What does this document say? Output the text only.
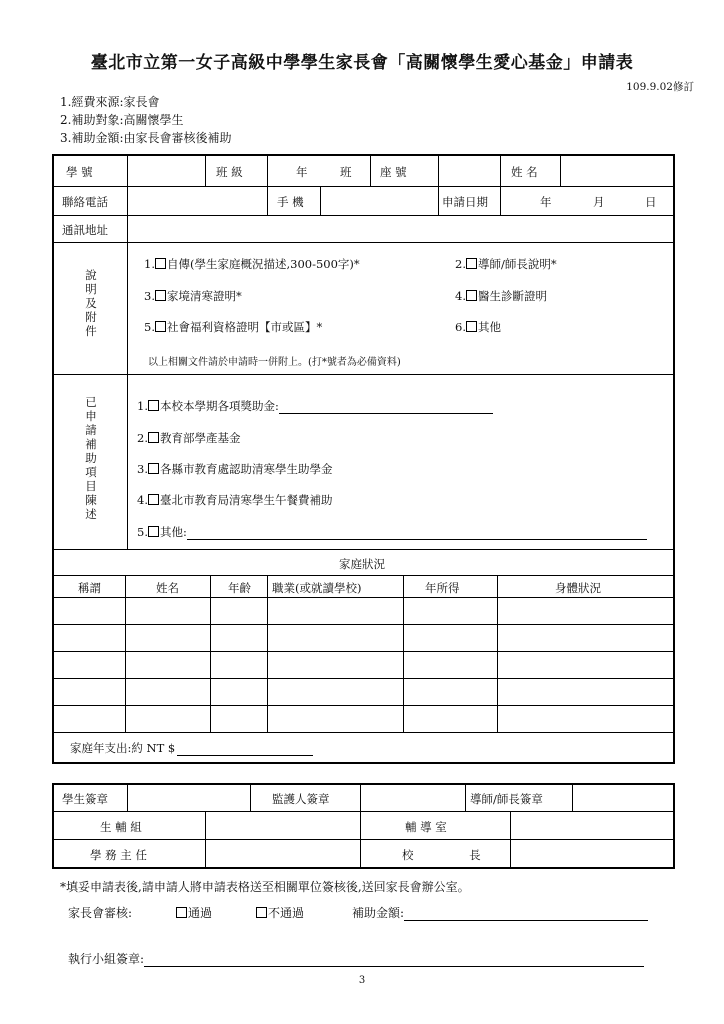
臺北市立第一女子高級中學學生家長會「高關懷學生愛心基金」申請表
109.9.02修訂
1.經費來源:家長會
2.補助對象:高關懷學生
3.補助金額:由家長會審核後補助
學 號	班 級	年	班 座 號	姓 名
聯絡電話	手 機	申請日期	年	月	日
通訊地址
說
明
及
附
件
1. 自傳(學生家庭概況描述,300-500字)*	2. 導師/師長說明*
3. 家境清寒證明*	4. 醫生診斷證明
5. 社會福利資格證明【市或區】*	6. 其他
以上相關文件請於申請時一併附上。(打*號者為必備資料)
已
申
請
補
助
項
目
陳
述
1. 本校本學期各項獎助金:
2. 教育部學產基金
3. 各縣市教育處認助清寒學生助學金
4. 臺北市教育局清寒學生午餐費補助
5. 其他:
家庭狀況
稱謂	姓名	年齡 職業(或就讀學校)	年所得	身體狀況
家庭年支出:約 NT $
學生簽章	監護人簽章	導師/師長簽章
生 輔 組	輔 導 室
學 務 主 任	校 長
*填妥申請表後,請申請人將申請表格送至相關單位簽核後,送回家長會辦公室。
家長會審核:	通過	不通過	補助金額:
執行小組簽章:
3
